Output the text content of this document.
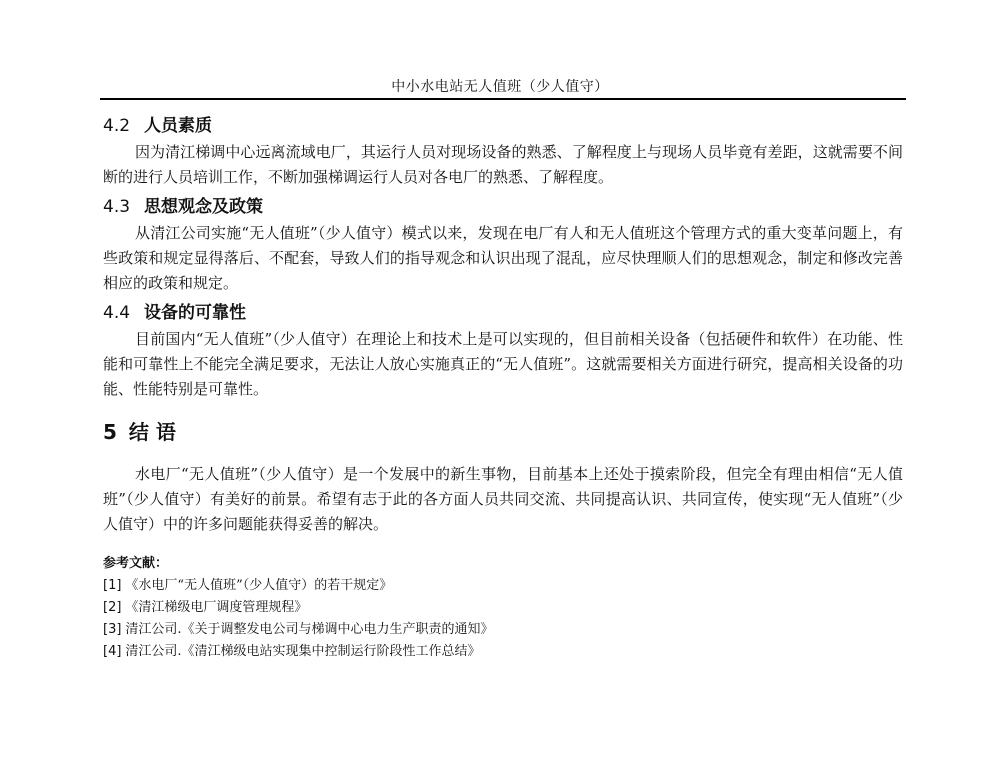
中小水电站无人值班（少人值守）
4.2 人员素质

因为清江梯调中心远离流域电厂，其运行人员对现场设备的熟悉、了解程度上与现场人员毕竟有差距，这就需要不间断的进行人员培训工作，不断加强梯调运行人员对各电厂的熟悉、了解程度。

4.3 思想观念及政策

从清江公司实施“无人值班”（少人值守）模式以来，发现在电厂有人和无人值班这个管理方式的重大变革问题上，有些政策和规定显得落后、不配套，导致人们的指导观念和认识出现了混乱，应尽快理顺人们的思想观念，制定和修改完善相应的政策和规定。

4.4 设备的可靠性

目前国内“无人值班”（少人值守）在理论上和技术上是可以实现的，但目前相关设备（包括硬件和软件）在功能、性能和可靠性上不能完全满足要求，无法让人放心实施真正的“无人值班”。这就需要相关方面进行研究，提高相关设备的功能、性能特别是可靠性。

5 结 语

水电厂“无人值班”（少人值守）是一个发展中的新生事物，目前基本上还处于摸索阶段，但完全有理由相信“无人值班”（少人值守）有美好的前景。希望有志于此的各方面人员共同交流、共同提高认识、共同宣传，使实现“无人值班”（少人值守）中的许多问题能获得妥善的解决。

参考文献：
[1] 《水电厂“无人值班”（少人值守）的若干规定》
[2] 《清江梯级电厂调度管理规程》
[3] 清江公司.《关于调整发电公司与梯调中心电力生产职责的通知》
[4] 清江公司.《清江梯级电站实现集中控制运行阶段性工作总结》
